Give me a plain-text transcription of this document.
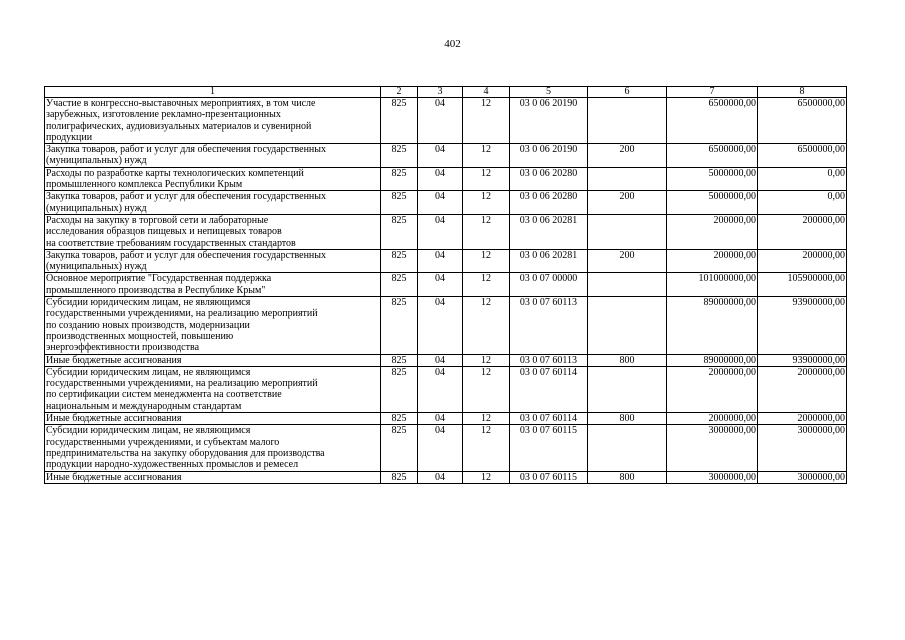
402
1	2	3	4	5	6	7	8
Участие в конгрессно-выставочных мероприятиях, в том числе
зарубежных, изготовление рекламно-презентационных
полиграфических, аудиовизуальных материалов и сувенирной
продукции	825	04	12	03 0 06 20190		6500000,00	6500000,00
Закупка товаров, работ и услуг для обеспечения государственных
(муниципальных) нужд	825	04	12	03 0 06 20190	200	6500000,00	6500000,00
Расходы по разработке карты технологических компетенций
промышленного комплекса Республики Крым	825	04	12	03 0 06 20280		5000000,00	0,00
Закупка товаров, работ и услуг для обеспечения государственных
(муниципальных) нужд	825	04	12	03 0 06 20280	200	5000000,00	0,00
Расходы на закупку в торговой сети и лабораторные
исследования образцов пищевых и непищевых товаров
на соответствие требованиям государственных стандартов	825	04	12	03 0 06 20281		200000,00	200000,00
Закупка товаров, работ и услуг для обеспечения государственных
(муниципальных) нужд	825	04	12	03 0 06 20281	200	200000,00	200000,00
Основное мероприятие "Государственная поддержка
промышленного производства в Республике Крым"	825	04	12	03 0 07 00000		101000000,00	105900000,00
Субсидии юридическим лицам, не являющимся
государственными учреждениями, на реализацию мероприятий
по созданию новых производств, модернизации
производственных мощностей, повышению
энергоэффективности производства	825	04	12	03 0 07 60113		89000000,00	93900000,00
Иные бюджетные ассигнования	825	04	12	03 0 07 60113	800	89000000,00	93900000,00
Субсидии юридическим лицам, не являющимся
государственными учреждениями, на реализацию мероприятий
по сертификации систем менеджмента на соответствие
национальным и международным стандартам	825	04	12	03 0 07 60114		2000000,00	2000000,00
Иные бюджетные ассигнования	825	04	12	03 0 07 60114	800	2000000,00	2000000,00
Субсидии юридическим лицам, не являющимся
государственными учреждениями, и субъектам малого
предпринимательства на закупку оборудования для производства
продукции народно-художественных промыслов и ремесел	825	04	12	03 0 07 60115		3000000,00	3000000,00
Иные бюджетные ассигнования	825	04	12	03 0 07 60115	800	3000000,00	3000000,00
